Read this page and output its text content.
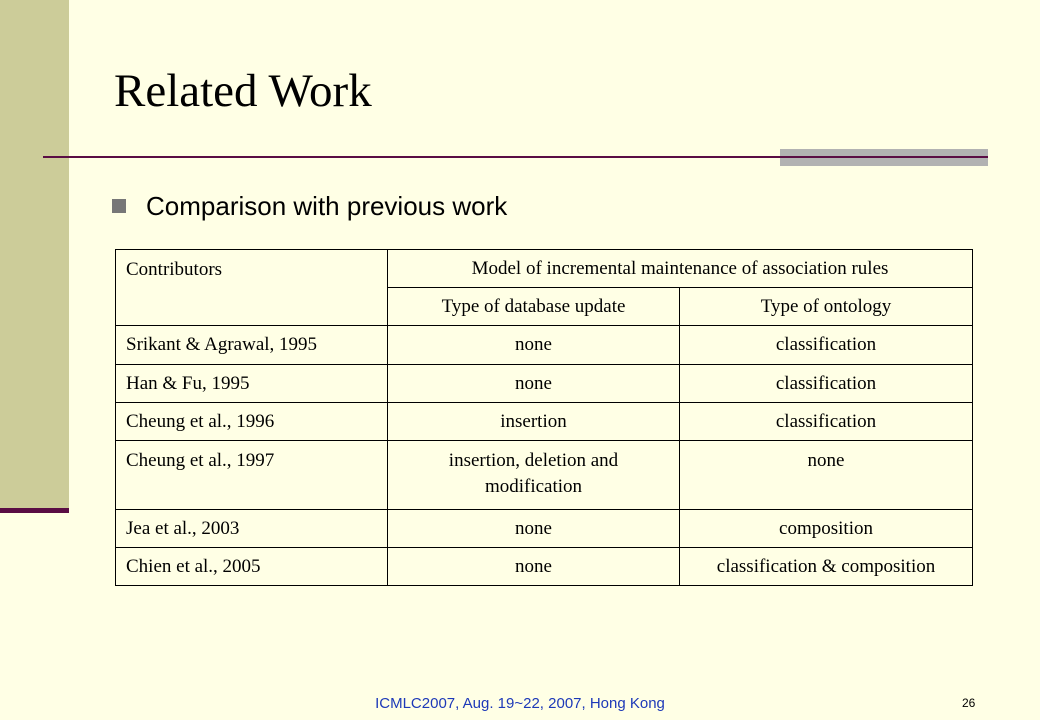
Related Work
Comparison with previous work
Contributors	Model of incremental maintenance of association rules	
	Type of database update	Type of ontology
Srikant & Agrawal, 1995	none	classification
Han & Fu, 1995	none	classification
Cheung et al., 1996	insertion	classification
Cheung et al., 1997	insertion, deletion and modification	none
Jea et al., 2003	none	composition
Chien et al., 2005	none	classification & composition
ICMLC2007, Aug. 19~22, 2007, Hong Kong	26
